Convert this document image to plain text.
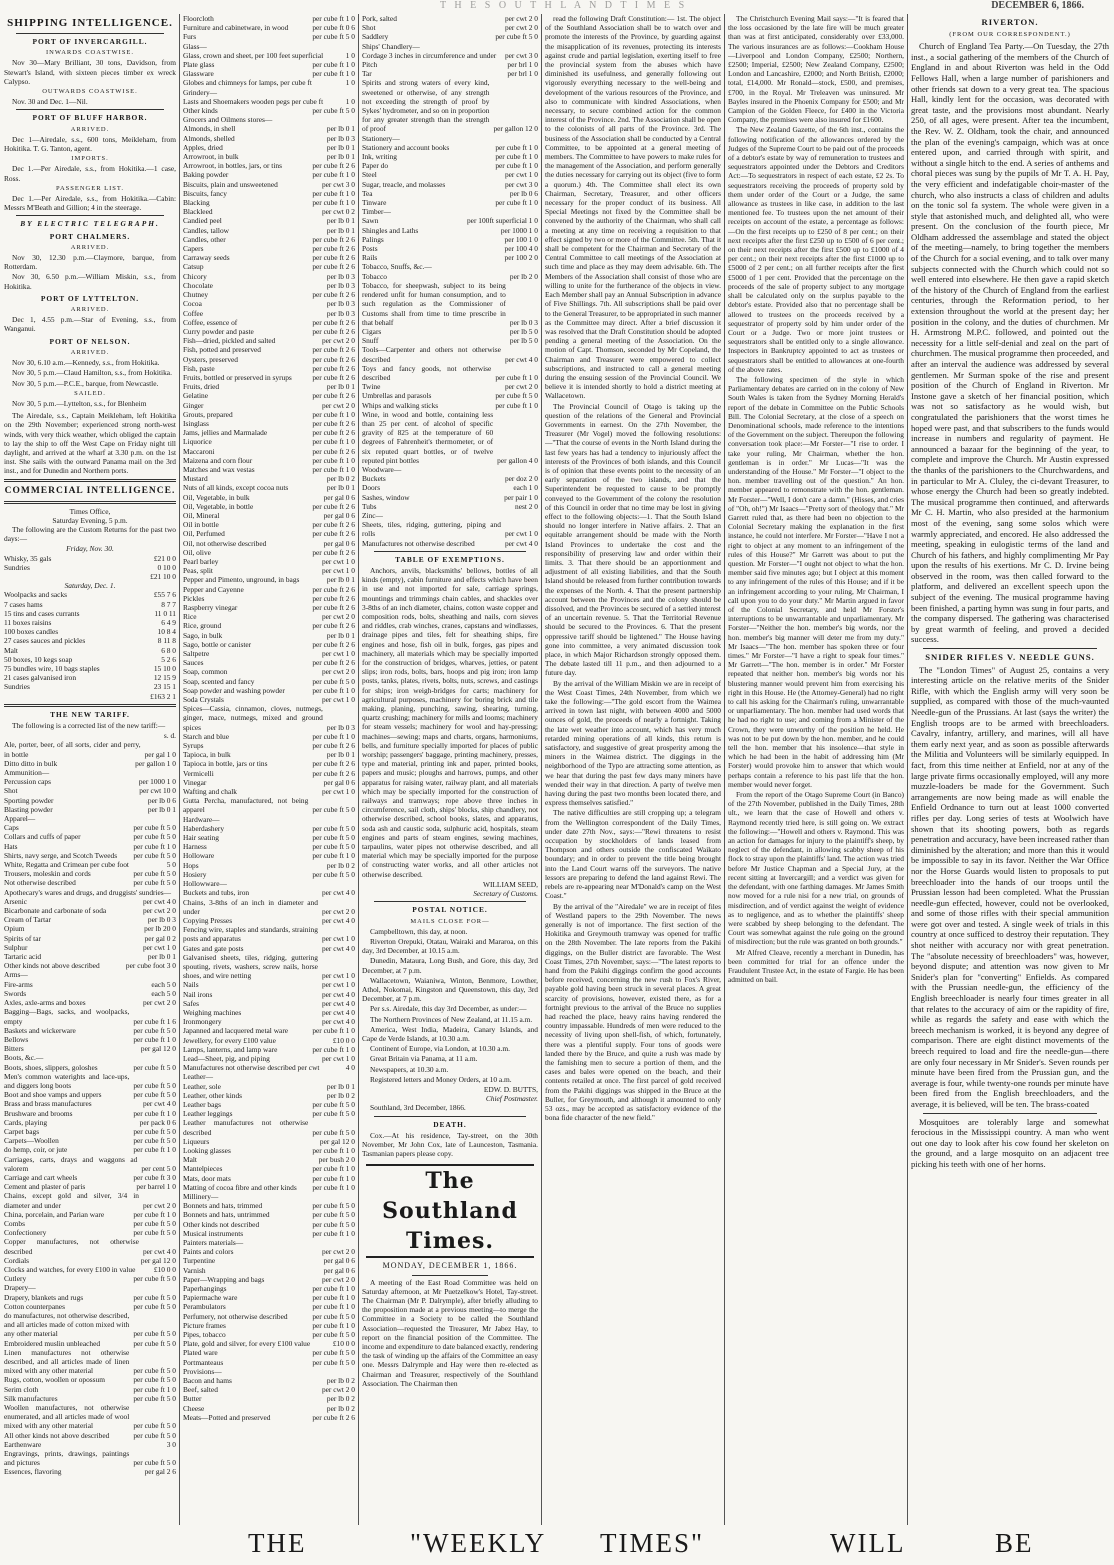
T H E S O U T H L A N D T I M E S	DECEMBER 6, 1866.
SHIPPING INTELLIGENCE.
PORT OF INVERCARGILL.
INWARDS COASTWISE.
Nov 30—Mary Brilliant, 30 tons, Davidson, from Stewart's Island, with sixteen pieces timber ex wreck Calypso.
OUTWARDS COASTWISE.
Nov. 30 and Dec. 1—Nil.
PORT OF BLUFF HARBOR.
ARRIVED.
Dec 1—Airedale, s.s., 600 tons, Meikleham, from Hokitika. T. G. Tanton, agent.
IMPORTS.
Dec 1.—Per Airedale, s.s., from Hokitika.—1 case, Ross.
PASSENGER LIST.
Dec 1.—Per Airedale, s.s., from Hokitika.—Cabin: Messrs M'Beath and Gillion; 4 in the steerage.
BY ELECTRIC TELEGRAPH.
PORT CHALMERS.
ARRIVED.
Nov 30, 12.30 p.m.—Claymore, barque, from Rotterdam.
Nov 30, 6.50 p.m.—William Miskin, s.s., from Hokitika.
PORT OF LYTTELTON.
ARRIVED.
Dec 1, 4.55 p.m.—Star of Evening, s.s., from Wanganui.
PORT OF NELSON.
ARRIVED.
Nov 30, 6.10 a.m.—Kennedy, s.s., from Hokitika.
Nov 30, 5 p.m.—Claud Hamilton, s.s., from Hokitika.
Nov 30, 5 p.m.—P.C.E., barque, from Newcastle.
SAILED.
Nov 30, 5 p.m.—Lyttelton, s.s., for Blenheim
The Airedale, s.s., Captain Meikleham, left Hokitika on the 29th November; experienced strong north-west winds, with very thick weather, which obliged the captain to lay the ship to off the West Cape on Friday night till daylight, and arrived at the wharf at 3.30 p.m. on the 1st inst. She sails with the outward Panama mail on the 3rd inst., and for Dunedin and Northern ports.
COMMERCIAL INTELLIGENCE.
Times Office,
Saturday Evening, 5 p.m.
The following are the Custom Returns for the past two days:—
Friday, Nov. 30.
Whisky, 35 gals	£21 0 0
Sundries	0 10 0
£21 10 0
Saturday, Dec. 1.
Woolpacks and sacks	£55 7 6
7 cases hams	8 7 7
15 tins and cases currants	11 0 11
11 boxes raisins	6 4 9
100 boxes candles	10 8 4
27 cases sauces and pickles	8 11 8
Malt	6 8 0
50 boxes, 10 kegs soap	5 2 6
75 bundles wire, 10 bags staples	15 10 0
21 cases galvanised iron	12 15 9
Sundries	23 15 1
£163 2 1
THE NEW TARIFF.
The following is a corrected list of the new tariff:—
s. d.
Ale, porter, beer, of all sorts, cider and perry, in bottle	per gal 1 0
Ditto ditto in bulk	per gallon 1 0
Ammunition—
Percussion caps	per 1000 1 0
Shot	per cwt 10 0
Sporting powder	per lb 0 6
Blasting powder	per lb 0 1
Apparel—
Caps	per cube ft 5 0
Collars and cuffs of paper	per cube ft 5 0
Hats	per cube ft 1 0
Shirts, navy serge, and Scotch Tweeds	per cube ft 5 0
White, Regatta and Crimean per cube foot	5 0
Trousers, moleskin and cords	per cube ft 5 0
Not otherwise described	per cube ft 5 0
Apothecary's wares and drugs, and druggists' sundries—
Arsenic	per cwt 4 0
Bicarbonate and carbonate of soda	per cwt 2 0
Cream of Tartar	per lb 0 3
Opium	per lb 20 0
Spirits of tar	per gal 0 2
Sulphur	per cwt 1 0
Tartaric acid	per lb 0 1
Other kinds not above described	per cube foot 3 0
Arms—
Fire-arms	each 5 0
Swords	each 5 0
Axles, axle-arms and boxes	per cwt 2 0
Bagging—Bags, sacks, and woolpacks, empty	per cube ft 1 6
Baskets and wickerware	per cube ft 5 0
Bellows	per cube ft 1 0
Bitters	per gal 12 0
Boots, &c.—
Boots, shoes, slippers, goloshes	per cube ft 5 0
Men's common waterights and lace-ups, and diggers long boots	per cube ft 5 0
Boot and shoe vamps and uppers	per cube ft 5 0
Brass and brass manufactures	per cwt 4 0
Brushware and brooms	per cube ft 1 0
Cards, playing	per pack 0 6
Carpet bags	per cube ft 5 0
Carpets—Woollen	per cube ft 5 0
do hemp, coir, or jute	per cube ft 1 0
Carriages, carts, drays and waggons ad valorem	per cent 5 0
Carriage and cart wheels	per cube ft 3 0
Cement and plaster of paris	per barrel 1 0
Chains, except gold and silver, 3/4 in diameter and under	per cwt 2 0
China, porcelain, and Parian ware	per cube ft 1 0
Combs	per cube ft 5 0
Confectionery	per cube ft 5 0
Copper manufactures, not otherwise described	per cwt 4 0
Cordials	per gal 12 0
Clocks and watches, for every £100 in value	£10 0 0
Cutlery	per cube ft 5 0
Drapery—
Drapery, blankets and rugs	per cube ft 5 0
Cotton counterpanes	per cube ft 5 0
do manufactures, not otherwise described, and all articles made of cotton mixed with any other material	per cube ft 5 0
Embroidered muslin unbleached	per cube ft 5 0
Linen manufactures not otherwise described, and all articles made of linen mixed with any other material	per cube ft 5 0
Rugs, cotton, woollen or opossum	per cube ft 5 0
Serim cloth	per cube ft 1 0
Silk manufactures	per cube ft 5 0
Woollen manufactures, not otherwise enumerated, and all articles made of wool mixed with any other material	per cube ft 5 0
All other kinds not above described	per cube ft 5 0
Earthenware	3 0
Engravings, prints, drawings, paintings and pictures	per cube ft 5 0
Essences, flavoring	per gal 2 6
Floorcloth	per cube ft 1 0
Furniture and cabinetware, in wood	per cube ft 0 6
Furs	per cube ft 5 0
Glass—
Glass, crown and sheet, per 100 feet superficial	1 0
Plate glass	per cube ft 1 0
Glassware	per cube ft 1 0
Globes and chimneys for lamps, per cube ft	1 0
Grindery—
Lasts and Shoemakers wooden pegs per cube ft	1 0
Other kinds	per cube ft 5 0
Grocers and Oilmens stores—
Almonds, in shell	per lb 0 1
Almonds, shelled	per lb 0 3
Apples, dried	per lb 0 1
Arrowroot, in bulk	per lb 0 1
Arrowroot, in bottles, jars, or tins	per cube ft 2 6
Baking powder	per cube ft 1 0
Biscuits, plain and unsweetened	per cwt 3 0
Biscuits, fancy	per cube ft 1 0
Blacking	per cube ft 1 0
Blackleed	per cwt 0 2
Candied peel	per lb 0 1
Candles, tallow	per lb 0 1
Candles, other	per cube ft 2 6
Capers	per cube ft 2 6
Carraway seeds	per cube ft 2 6
Catsup	per cube ft 2 6
Chicory	per lb 0 3
Chocolate	per lb 0 3
Chutney	per cube ft 2 6
Cocoa	per lb 0 3
Coffee	per lb 0 3
Coffee, essence of	per cube ft 2 6
Curry powder and paste	per cube ft 2 6
Fish—dried, pickled and salted	per cwt 2 0
Fish, potted and preserved	per cube ft 2 6
Oysters, preserved	per cube ft 2 6
Fish, paste	per cube ft 2 6
Fruits, bottled or preserved in syrups	per cube ft 2 6
Fruits, dried	per lb 0 1
Gelatine	per cube ft 2 6
Ginger	per cwt 2 0
Grouts, prepared	per cube ft 1 0
Isinglass	per cube ft 2 6
Jams, jellies and Marmalade	per cube ft 2 6
Liquorice	per cube ft 1 0
Maccaroni	per cube ft 2 6
Maizena and corn flour	per cube ft 1 0
Matches and wax vestas	per cube ft 1 0
Mustard	per lb 0 2
Nuts of all kinds, except cocoa nuts	per lb 0 1
Oil, Vegetable, in bulk	per gal 0 6
Oil, Vegetable, in bottle	per cube ft 2 6
Oil, Mineral	per gal 0 6
Oil in bottle	per cube ft 2 6
Oil, Perfumed	per cube ft 2 6
Oil, not otherwise described	per gal 0 6
Oil, olive	per cube ft 2 6
Pearl barley	per cwt 1 0
Peas, split	per cwt 1 0
Pepper and Pimento, unground, in bags	per lb 0 1
Pepper and Cayenne	per cube ft 2 6
Pickles	per cube ft 2 6
Raspberry vinegar	per cube ft 2 6
Rice	per cwt 2 0
Rice, ground	per cube ft 2 6
Sago, in bulk	per lb 0 1
Sago, bottle or canister	per cube ft 2 6
Saltpetre	per cwt 1 0
Sauces	per cube ft 2 6
Soap, common	per cwt 2 0
Soap, scented and fancy	per cube ft 5 0
Soap powder and washing powder	per cube ft 1 0
Soda Crystals	per cwt 1 0
Spices—Cassia, cinnamon, cloves, nutmegs, ginger, mace, nutmegs, mixed and ground spices	per lb 0 3
Starch and blue	per cube ft 1 0
Syrups	per cube ft 2 6
Tapioca, in bulk	per lb 0 1
Tapioca in bottle, jars or tins	per cube ft 2 6
Vermicelli	per cube ft 2 6
Vinegar	per gal 0 6
Wafting and chalk	per cwt 1 0
Gutta Percha, manufactured, not being apparel	per cube ft 5 0
Hardware—
Haberdashery	per cube ft 5 0
Hair seating	per cube ft 5 0
Harness	per cube ft 5 0
Holloware	per cube ft 1 0
Hops	per lb 0 2
Hosiery	per cube ft 5 0
Hollowware—
Buckets and tubs, iron	per cwt 4 0
Chains, 3-8ths of an inch in diameter and under	per cwt 2 0
Copying Presses	per cwt 4 0
Fencing wire, staples and standards, straining posts and apparatus	per cwt 1 0
Gates and gate posts	per cwt 4 0
Galvanised sheets, tiles, ridging, guttering spouting, rivets, washers, screw nails, horse shoes, and wire netting	per cwt 1 0
Nails	per cwt 1 0
Nail irons	per cwt 4 0
Safes	per cwt 4 0
Weighing machines	per cwt 4 0
Ironmongery	per cwt 4 0
Japanned and lacquered metal ware	per cube ft 1 0
Jewellery, for every £100 value	£10 0 0
Lamps, lanterns, and lamp ware	per cube ft 1 0
Lead—Sheet, pig, and piping	per cwt 1 0
Manufactures not otherwise described per cwt	4 0
Leather—
Leather, sole	per lb 0 1
Leather, other kinds	per lb 0 2
Leather bags	per cube ft 5 0
Leather leggings	per cube ft 5 0
Leather manufactures not otherwise described	per cube ft 5 0
Liqueurs	per gal 12 0
Looking glasses	per cube ft 1 0
Malt	per bush 2 0
Mantelpieces	per cube ft 1 0
Mats, door mats	per cube ft 1 0
Matting of cocoa fibre and other kinds	per cube ft 1 0
Millinery—
Bonnets and hats, trimmed	per cube ft 5 0
Bonnets and hats, untrimmed	per cube ft 5 0
Other kinds not described	per cube ft 5 0
Musical instruments	per cube ft 1 0
Painters materials—
Paints and colors	per cwt 2 0
Turpentine	per gal 0 6
Varnish	per gal 0 6
Paper—Wrapping and bags	per cwt 2 0
Paperhangings	per cube ft 1 0
Papiermache ware	per cube ft 1 0
Perambulators	per cube ft 1 0
Perfumery, not otherwise described	per cube ft 5 0
Picture frames	per cube ft 1 0
Pipes, tobacco	per cube ft 5 0
Plate, gold and silver, for every £100 value	£10 0 0
Plated ware	per cube ft 5 0
Portmanteaus	per cube ft 5 0
Provisions—
Bacon and hams	per lb 0 2
Beef, salted	per cwt 2 0
Butter	per lb 0 2
Cheese	per lb 0 2
Meats—Potted and preserved	per cube ft 2 6
Pork, salted	per cwt 2 0
Shot	per cwt 2 0
Saddlery	per cube ft 5 0
Ships' Chandlery—
Cordage 3 inches in circumference and under	per cwt 3 0
Pitch	per brl 1 0
Tar	per brl 1 0
Spirits and strong waters of every kind, sweetened or otherwise, of any strength not exceeding the strength of proof by Sykes' hydrometer, and so on in proportion for any greater strength than the strength of proof	per gallon 12 0
Stationery—
Stationery and account books	per cube ft 1 0
Ink, writing	per cube ft 1 0
Paper do	per cube ft 1 0
Steel	per cwt 1 0
Sugar, treacle, and molasses	per cwt 3 0
Tea	per lb 0 6
Tinware	per cube ft 1 0
Timber—
Sawn	per 100ft superficial 1 0
Shingles and Laths	per 1000 1 0
Palings	per 100 1 0
Posts	per 100 4 0
Rails	per 100 2 0
Tobacco, Snuffs, &c.—
Tobacco	per lb 2 0
Tobacco, for sheepwash, subject to its being rendered unfit for human consumption, and to such regulation as the Commissioner of Customs shall from time to time prescribe in that behalf	per lb 0 3
Cigars	per lb 5 0
Snuff	per lb 5 0
Tools—Carpenter and others not otherwise described	per cwt 4 0
Toys and fancy goods, not otherwise described	per cube ft 1 0
Twine	per cwt 2 0
Umbrellas and parasols	per cube ft 5 0
Whips and walking sticks	per cube ft 1 0
Wine, in wood and bottle, containing less than 25 per cent. of alcohol of specific gravity of 825 at the temperature of 60 degrees of Fahrenheit's thermometer, or of six reputed quart bottles, or of twelve reputed pint bottles	per gallon 4 0
Woodware—
Buckets	per doz 2 0
Doors	each 1 0
Sashes, window	per pair 1 0
Tubs	nest 2 0
Zinc—
Sheets, tiles, ridging, guttering, piping and rolls	per cwt 1 0
Manufactures not otherwise described	per cwt 4 0
TABLE OF EXEMPTIONS.
Anchors, anvils, blacksmiths' bellows, bottles of all kinds (empty), cabin furniture and effects which have been in use and not imported for sale, carriage springs, mountings and trimmings chain cables, and shackles over 3-8ths of an inch diameter, chains, cotton waste copper and composition rods, bolts, sheathing and nails, corn sieves and riddles, crab winches, cranes, capstans and windlasses, drainage pipes and tiles, felt for sheathing ships, fire engines and hose, fish oil in bulk, forges, gas pipes and machinery, all materials which may be specially imported for the construction of bridges, wharves, jetties, or patent slips; iron rods, bolts, bars, hoops and pig iron; iron lamp posts, tanks, plates, rivets, bolts, nuts, screws, and castings for ships; iron weigh-bridges for carts; machinery for agricultural purposes, machinery for boring brick and tile making, planing, punching, sawing, shearing, turning, quartz crushing; machinery for mills and looms; machinery for steam vessels; machinery for wool and hay-pressing; machines—sewing; maps and charts, organs, harmoniums, bells, and furniture specially imported for places of public worship; passengers' baggage, printing machinery, presses, type and material, printing ink and paper, printed books, papers and music; ploughs and harrows, pumps, and other apparatus for raising water, railway plant, and all materials which may be specially imported for the construction of railways and tramways; rope above three inches in circumference, sail cloth, ships' blocks, ship chandlery, not otherwise described, school books, slates, and apparatus, soda ash and caustic soda, sulphuric acid, hospitals, steam engines and parts of steam engines, sewing machines, tarpaulins, water pipes not otherwise described, and all material which may be specially imported for the purpose of constructing water works, and all other articles not otherwise described.
WILLIAM SEED,
Secretary of Customs.
POSTAL NOTICE.
MAILS CLOSE FOR—
Campbelltown, this day, at noon.
Riverton Orepuki, Otatau, Wairaki and Mararoa, on this day, 3rd December, at 10.15 a.m.
Dunedin, Mataura, Long Bush, and Gore, this day, 3rd December, at 7 p.m.
Wallacetown, Waianiwa, Winton, Benmore, Lowther, Athol, Nokomai, Kingston and Queenstown, this day, 3rd December, at 7 p.m.
Per s.s. Airedale, this day 3rd December, as under:—
The Northern Provinces of New Zealand, at 11.15 a.m.
America, West India, Madeira, Canary Islands, and Cape de Verde Islands, at 10.30 a.m.
Continent of Europe, via London, at 10.30 a.m.
Great Britain via Panama, at 11 a.m.
Newspapers, at 10.30 a.m.
Registered letters and Money Orders, at 10 a.m.
EDW. D. BUTTS,
Chief Postmaster.
Southland, 3rd December, 1866.
DEATH.
Cox.—At his residence, Tay-street, on the 30th November, Mr John Cox, late of Launceston, Tasmania. Tasmanian papers please copy.
The Southland Times.
MONDAY, DECEMBER 1, 1866.
A meeting of the East Road Committee was held on Saturday afternoon, at Mr Puetzelkow's Hotel, Tay-street. The Chairman (Mr P. Dalrymple), after briefly alluding to the proposition made at a previous meeting—to merge the Committee in a Society to be called the Southland Association—requested the Treasurer, Mr Jabez Hay, to report on the financial position of the Committee. The income and expenditure to date balanced exactly, rendering the task of winding up the affairs of the Committee an easy one. Messrs Dalrymple and Hay were then re-elected as Chairman and Treasurer, respectively of the Southland Association. The Chairman then
read the following Draft Constitution:— 1st. The object of the Southland Association shall be to watch over and promote the interests of the Province, by guarding against the misapplication of its revenues, protecting its interests against crude and partial legislation, exerting itself to free the provincial system from the abuses which have diminished its usefulness, and generally following out vigorously everything necessary to the well-being and development of the various resources of the Province, and also to communicate with kindred Associations, when necessary, to secure combined action for the common interest of the Province. 2nd. The Association shall be open to the colonists of all parts of the Province. 3rd. The business of the Association shall be conducted by a Central Committee, to be appointed at a general meeting of members. The Committee to have powers to make rules for the management of the Association, and perform generally the duties necessary for carrying out its object (five to form a quorum.) 4th. The Committee shall elect its own Chairman, Secretary, Treasurer, and other officers necessary for the proper conduct of its business. All Special Meetings not fixed by the Committee shall be convened by the authority of the Chairman, who shall call a meeting at any time on receiving a requisition to that effect signed by two or more of the Committee. 5th. That it shall be competent for the Chairman and Secretary of the Central Committee to call meetings of the Association at such time and place as they may deem advisable. 6th. The Members of the Association shall consist of those who are willing to unite for the furtherance of the objects in view. Each Member shall pay an Annual Subscription in advance of Five Shillings. 7th. All subscriptions shall be paid over to the General Treasurer, to be appropriated in such manner as the Committee may direct. After a brief discussion it was resolved that the Draft Constitution should be adopted pending a general meeting of the Association. On the motion of Capt. Thomson, seconded by Mr Copeland, the Chairman and Treasurer were empowered to collect subscriptions, and instructed to call a general meeting during the ensuing session of the Provincial Council. We believe it is intended shortly to hold a district meeting at Wallacetown.
The Provincial Council of Otago is taking up the question of the relations of the General and Provincial Governments in earnest. On the 27th November, the Treasurer (Mr Vogel) moved the following resolutions:—"That the course of events in the North Island during the last few years has had a tendency to injuriously affect the interests of the Provinces of both islands, and this Council is of opinion that these events point to the necessity of an early separation of the two islands, and that the Superintendent be requested to cause to be promptly conveyed to the Government of the colony the resolution of this Council in order that no time may be lost in giving effect to the following objects:—1. That the South Island should no longer interfere in Native affairs. 2. That an equitable arrangement should be made with the North Island Provinces to undertake the cost and the responsibility of preserving law and order within their limits. 3. That there should be an apportionment and adjustment of all existing liabilities, and that the South Island should be released from further contribution towards the expenses of the North. 4. That the present partnership account between the Provinces and the colony should be dissolved, and the Provinces be secured of a settled interest of an uncertain revenue. 5. That the Territorial Revenue should be secured to the Provinces. 6. That the present oppressive tariff should be lightened." The House having gone into committee, a very animated discussion took place, in which Major Richardson strongly opposed them. The debate lasted till 11 p.m., and then adjourned to a future day.
By the arrival of the William Miskin we are in receipt of the West Coast Times, 24th November, from which we take the following:—"The gold escort from the Waimea arrived in town last night, with between 4000 and 5000 ounces of gold, the proceeds of nearly a fortnight. Taking the late wet weather into account, which has very much retarded mining operations of all kinds, this return is satisfactory, and suggestive of great prosperity among the miners in the Waimea district. The diggings in the neighborhood of the Typo are attracting some attention, as we hear that during the past few days many miners have wended their way in that direction. A party of twelve men having during the past two months been located there, and express themselves satisfied."
The native difficulties are still cropping up; a telegram from the Wellington correspondent of the Daily Times, under date 27th Nov., says:—"Rewi threatens to resist occupation by stockholders of lands leased from Thompson and others outside the confiscated Waikato boundary; and in order to prevent the title being brought into the Land Court warns off the surveyors. The native lessors are preparing to defend the land against Rewi. The rebels are re-appearing near M'Donald's camp on the West Coast."
By the arrival of the "Airedale" we are in receipt of files of Westland papers to the 29th November. The news generally is not of importance. The first section of the Hokitika and Greymouth tramway was opened for traffic on the 28th November. The late reports from the Pakihi diggings, on the Buller district are favorable. The West Coast Times, 27th November, says:—"The latest reports to hand from the Pakihi diggings confirm the good accounts before received, concerning the new rush to Fox's River, payable gold having been struck in several places. A great scarcity of provisions, however, existed there, as for a fortnight previous to the arrival of the Bruce no supplies had reached the place, heavy rains having rendered the country impassable. Hundreds of men were reduced to the necessity of living upon shell-fish, of which, fortunately, there was a plentiful supply. Four tons of goods were landed there by the Bruce, and quite a rush was made by the famishing men to secure a portion of them, and the cases and bales were opened on the beach, and their contents retailed at once. The first parcel of gold received from the Pakihi diggings was shipped in the Bruce at the Buller, for Greymouth, and although it amounted to only 53 ozs., may be accepted as satisfactory evidence of the bona fide character of the new field."
The Christchurch Evening Mail says:—"It is feared that the loss occasioned by the late fire will be much greater than was at first anticipated, considerably over £33,000. The various insurances are as follows:—Cookham House—Liverpool and London Company, £2500; Northern, £2500; Imperial, £2500; New Zealand Company, £2500; London and Lancashire, £2000; and North British, £2000; total, £14,000. Mr Ronald—stock, £500, and premises, £700, in the Royal. Mr Treleaven was uninsured. Mr Bayles insured in the Phoenix Company for £500; and Mr Campion of the Golden Fleece, for £400 in the Victoria Company, the premises were also insured for £1600.
The New Zealand Gazette, of the 6th inst., contains the following notification of the allowances ordered by the Judges of the Supreme Court to be paid out of the proceeds of a debtor's estate by way of remuneration to trustees and sequestrators appointed under the Debtors and Creditors Act:—To sequestrators in respect of each estate, £2 2s. To sequestrators receiving the proceeds of property sold by them under order of the Court or a Judge, the same allowance as trustees in like case, in addition to the last mentioned fee. To trustees upon the net amount of their receipts on account of the estate, a percentage as follows:—On the first receipts up to £250 of 8 per cent.; on their next receipts after the first £250 up to £500 of 6 per cent.; on their next receipts after the first £500 up to £1000 of 4 per cent.; on their next receipts after the first £1000 up to £5000 of 2 per cent.; on all further receipts after the first £5000 of 1 per cent. Provided that the percentage on the proceeds of the sale of property subject to any mortgage shall be calculated only on the surplus payable to the debtor's estate. Provided also that no percentage shall be allowed to trustees on the proceeds received by a sequestrator of property sold by him under order of the Court or a Judge. Two or more joint trustees or sequestrators shall be entitled only to a single allowance. Inspectors in Bankruptcy appointed to act as trustees or sequestrators shall be entitled to allowances at one-fourth of the above rates.
The following specimen of the style in which Parliamentary debates are carried on in the colony of New South Wales is taken from the Sydney Morning Herald's report of the debate in Committee on the Public Schools Bill. The Colonial Secretary, at the close of a speech on Denominational schools, made reference to the intentions of the Government on the subject. Thereupon the following conversation took place:—Mr Forster—"I rise to order. I take your ruling, Mr Chairman, whether the hon. gentleman is in order." Mr Lucas—"It was the understanding of the House." Mr Forster—"I object to the hon. member travelling out of the question." An hon. member appeared to remonstrate with the hon. gentleman. Mr Forster—"Well, I don't care a damn." (Hisses, and cries of "Oh, oh!") Mr Isaacs—"Pretty sort of theology that." Mr Garrett ruled that, as there had been no objection to the Colonial Secretary making the explanation in the first instance, he could not interfere. Mr Forster—"Have I not a right to object at any moment to an infringement of the rules of this House?" Mr Garrett was about to put the question. Mr Forster—"I ought not object to what the hon. member said five minutes ago; but I object at this moment to any infringement of the rules of this House; and if it be an infringement according to your ruling, Mr Chairman, I call upon you to do your duty." Mr Martin argued in favor of the Colonial Secretary, and held Mr Forster's interruptions to be unwarrantable and unparliamentary. Mr Forster—"Neither the hon. member's big words, nor the hon. member's big manner will deter me from my duty." Mr Isaacs—"The hon. member has spoken three or four times." Mr Forster—"I have a right to speak four times." Mr Garrett—"The hon. member is in order." Mr Forster repeated that neither hon. member's big words nor his blustering manner would prevent him from exercising his right in this House. He (the Attorney-General) had no right to call his asking for the Chairman's ruling, unwarrantable or unparliamentary. The hon. member had used words that he had no right to use; and coming from a Minister of the Crown, they were unworthy of the position he held. He was not to be put down by the hon. member, and he could tell the hon. member that his insolence—that style in which he had been in the habit of addressing him (Mr Forster) would provoke him to answer that which would perhaps contain a reference to his past life that the hon. member would never forget.
From the report of the Otago Supreme Court (in Banco) of the 27th November, published in the Daily Times, 28th ult., we learn that the case of Howell and others v. Raymond recently tried here, is still going on. We extract the following:—"Howell and others v. Raymond. This was an action for damages for injury to the plaintiff's sheep, by neglect of the defendant, in allowing scabby sheep of his flock to stray upon the plaintiffs' land. The action was tried before Mr Justice Chapman and a Special Jury, at the recent sitting at Invercargill; and a verdict was given for the defendant, with one farthing damages. Mr James Smith now moved for a rule nisi for a new trial, on grounds of misdirection, and of verdict against the weight of evidence as to negligence, and as to whether the plaintiffs' sheep were scabbed by sheep belonging to the defendant. The Court was somewhat against the rule going on the ground of misdirection; but the rule was granted on both grounds."
Mr Alfred Cleave, recently a merchant in Dunedin, has been committed for trial for an offence under the Fraudulent Trustee Act, in the estate of Fargie. He has been admitted on bail.
RIVERTON.
(FROM OUR CORRESPONDENT.)
Church of England Tea Party.—On Tuesday, the 27th inst., a social gathering of the members of the Church of England in and about Riverton was held in the Odd Fellows Hall, when a large number of parishioners and other friends sat down to a very great tea. The spacious Hall, kindly lent for the occasion, was decorated with great taste, and the provisions most abundant. Nearly 250, of all ages, were present. After tea the incumbent, the Rev. W. Z. Oldham, took the chair, and announced the plan of the evening's campaign, which was at once entered upon, and carried through with spirit, and without a single hitch to the end. A series of anthems and choral pieces was sung by the pupils of Mr T. A. H. Pay, the very efficient and indefatigable choir-master of the church, who also instructs a class of children and adults on the tonic sol fa system. The whole were given in a style that astonished much, and delighted all, who were present. On the conclusion of the fourth piece, Mr Oldham addressed the assemblage and stated the object of the meeting—namely, to bring together the members of the Church for a social evening, and to talk over many subjects connected with the Church which could not so well entered into elsewhere. He then gave a rapid sketch of the history of the Church of England from the earliest centuries, through the Reformation period, to her extension throughout the world at the present day; her position in the colony, and the duties of churchmen. Mr H. Armstrong M.P.C. followed, and pointed out the necessity for a little self-denial and zeal on the part of churchmen. The musical programme then proceeded, and after an interval the audience was addressed by several gentlemen. Mr Surman spoke of the rise and present position of the Church of England in Riverton. Mr Instone gave a sketch of her financial position, which was not so satisfactory as he would wish, but congratulated the parishioners that the worst times he hoped were past, and that subscribers to the funds would increase in numbers and regularity of payment. He announced a bazaar for the beginning of the year, to complete and improve the Church. Mr Austin expressed the thanks of the parishioners to the Churchwardens, and in particular to Mr A. Cluley, the ci-devant Treasurer, to whose energy the Church had been so greatly indebted. The musical programme then continued, and afterwards Mr C. H. Martin, who also presided at the harmonium most of the evening, sang some solos which were warmly appreciated, and encored. He also addressed the meeting, speaking in eulogistic terms of the land and Church of his fathers, and highly complimenting Mr Pay upon the results of his exertions. Mr C. D. Irvine being observed in the room, was then called forward to the platform, and delivered an excellent speech upon the subject of the evening. The musical programme having been finished, a parting hymn was sung in four parts, and the company dispersed. The gathering was characterised by great warmth of feeling, and proved a decided success.
SNIDER RIFLES V. NEEDLE GUNS.
The "London Times" of August 25, contains a very interesting article on the relative merits of the Snider Rifle, with which the English army will very soon be supplied, as compared with those of the much-vaunted Needle-gun of the Prussians. At last (says the writer) the English troops are to be armed with breechloaders. Cavalry, infantry, artillery, and marines, will all have them early next year, and as soon as possible afterwards the Militia and Volunteers will be similarly equipped. In fact, from this time neither at Enfield, nor at any of the large private firms occasionally employed, will any more muzzle-loaders be made for the Government. Such arrangements are now being made as will enable the Enfield Ordnance to turn out at least 1000 converted rifles per day. Long series of tests at Woolwich have shown that its shooting powers, both as regards penetration and accuracy, have been increased rather than diminished by the alteration; and more than this it would be impossible to say in its favor. Neither the War Office nor the Horse Guards would listen to proposals to put breechloader into the hands of our troops until the Prussian lesson had been completed. What the Prussian needle-gun effected, however, could not be overlooked, and some of those rifles with their special ammunition were got over and tested. A single week of trials in this country at once sufficed to destroy their reputation. They shot neither with accuracy nor with great penetration. The "absolute necessity of breechloaders" was, however, beyond dispute; and attention was now given to Mr Snider's plan for "converting" Enfields. As compared with the Prussian needle-gun, the efficiency of the English breechloader is nearly four times greater in all that relates to the accuracy of aim or the rapidity of fire, while as regards the safety and ease with which the breech mechanism is worked, it is beyond any degree of comparison. There are eight distinct movements of the breech required to load and fire the needle-gun—there are only four necessary in Mr Snider's. Seven rounds per minute have been fired from the Prussian gun, and the average is four, while twenty-one rounds per minute have been fired from the English breechloaders, and the average, it is believed, will be ten. The brass-coated
Mosquitoes are tolerably large and somewhat ferocious in the Mississippi country. A man who went out one day to look after his cow found her skeleton on the ground, and a large mosquito on an adjacent tree picking his teeth with one of her horns.
THE	"WEEKLY TIMES"	WILL	BE
